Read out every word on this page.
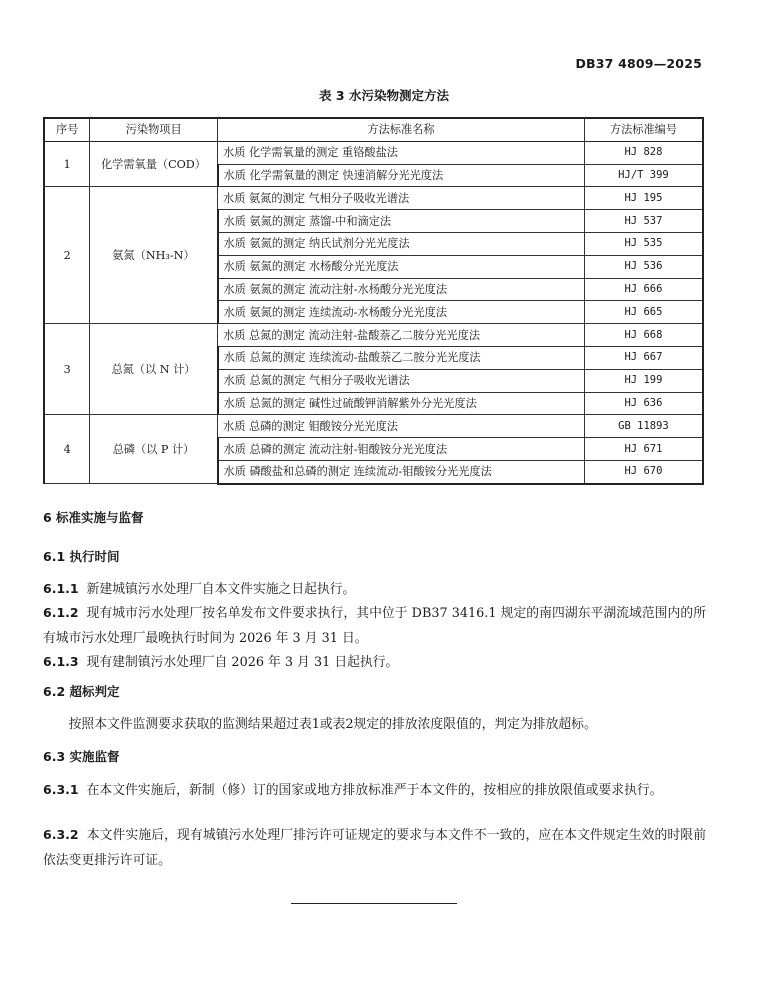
DB37 4809—2025
表 3 水污染物测定方法
序号	污染物项目	方法标准名称	方法标准编号
1	化学需氧量（COD）	水质 化学需氧量的测定 重铬酸盐法	HJ 828
		水质 化学需氧量的测定 快速消解分光光度法	HJ/T 399
2	氨氮（NH₃-N）	水质 氨氮的测定 气相分子吸收光谱法	HJ 195
		水质 氨氮的测定 蒸馏-中和滴定法	HJ 537
		水质 氨氮的测定 纳氏试剂分光光度法	HJ 535
		水质 氨氮的测定 水杨酸分光光度法	HJ 536
		水质 氨氮的测定 流动注射-水杨酸分光光度法	HJ 666
		水质 氨氮的测定 连续流动-水杨酸分光光度法	HJ 665
3	总氮（以 N 计）	水质 总氮的测定 流动注射-盐酸萘乙二胺分光光度法	HJ 668
		水质 总氮的测定 连续流动-盐酸萘乙二胺分光光度法	HJ 667
		水质 总氮的测定 气相分子吸收光谱法	HJ 199
		水质 总氮的测定 碱性过硫酸钾消解紫外分光光度法	HJ 636
4	总磷（以 P 计）	水质 总磷的测定 钼酸铵分光光度法	GB 11893
		水质 总磷的测定 流动注射-钼酸铵分光光度法	HJ 671
		水质 磷酸盐和总磷的测定 连续流动-钼酸铵分光光度法	HJ 670
6 标准实施与监督
6.1 执行时间
6.1.1 新建城镇污水处理厂自本文件实施之日起执行。
6.1.2 现有城市污水处理厂按名单发布文件要求执行，其中位于 DB37 3416.1 规定的南四湖东平湖流域范围内的所有城市污水处理厂最晚执行时间为 2026 年 3 月 31 日。
6.1.3 现有建制镇污水处理厂自 2026 年 3 月 31 日起执行。
6.2 超标判定
按照本文件监测要求获取的监测结果超过表1或表2规定的排放浓度限值的，判定为排放超标。
6.3 实施监督
6.3.1 在本文件实施后，新制（修）订的国家或地方排放标准严于本文件的，按相应的排放限值或要求执行。
6.3.2 本文件实施后，现有城镇污水处理厂排污许可证规定的要求与本文件不一致的，应在本文件规定生效的时限前依法变更排污许可证。
